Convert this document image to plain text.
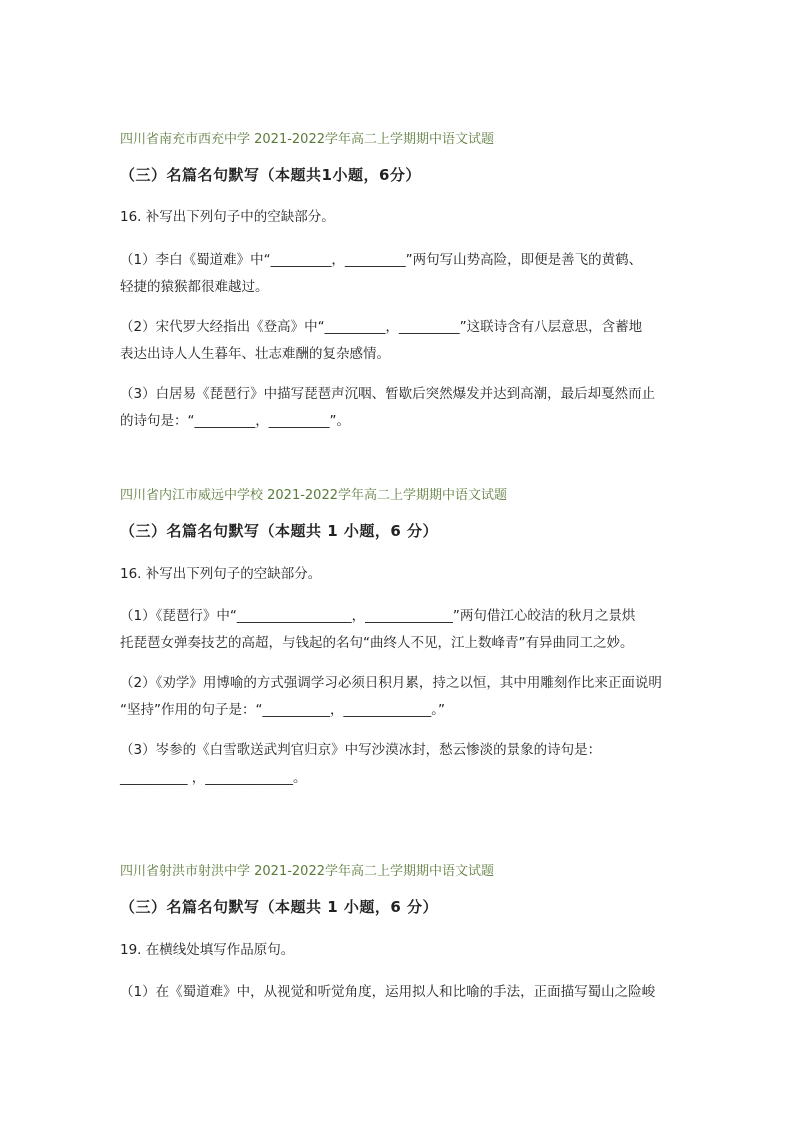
四川省南充市西充中学 2021-2022学年高二上学期期中语文试题
（三）名篇名句默写（本题共1小题，6分）
16. 补写出下列句子中的空缺部分。
（1）李白《蜀道难》中“_________，_________”两句写山势高险，即便是善飞的黄鹤、
轻捷的猿猴都很难越过。
（2）宋代罗大经指出《登高》中“_________，_________”这联诗含有八层意思，含蓄地
表达出诗人人生暮年、壮志难酬的复杂感情。
（3）白居易《琵琶行》中描写琵琶声沉咽、暂歇后突然爆发并达到高潮，最后却戛然而止
的诗句是：“_________，_________”。
四川省内江市威远中学校 2021-2022学年高二上学期期中语文试题
（三）名篇名句默写（本题共 1 小题，6 分）
16. 补写出下列句子的空缺部分。
（1）《琵琶行》中“_________________，_____________”两句借江心皎洁的秋月之景烘
托琵琶女弹奏技艺的高超，与钱起的名句“曲终人不见，江上数峰青”有异曲同工之妙。
（2）《劝学》用博喻的方式强调学习必须日积月累，持之以恒，其中用雕刻作比来正面说明
“坚持”作用的句子是：“__________，_____________。”
（3）岑参的《白雪歌送武判官归京》中写沙漠冰封，愁云惨淡的景象的诗句是：
__________ ，_____________。
四川省射洪市射洪中学 2021-2022学年高二上学期期中语文试题
（三）名篇名句默写（本题共 1 小题，6 分）
19. 在横线处填写作品原句。
（1）在《蜀道难》中，从视觉和听觉角度，运用拟人和比喻的手法，正面描写蜀山之险峻
